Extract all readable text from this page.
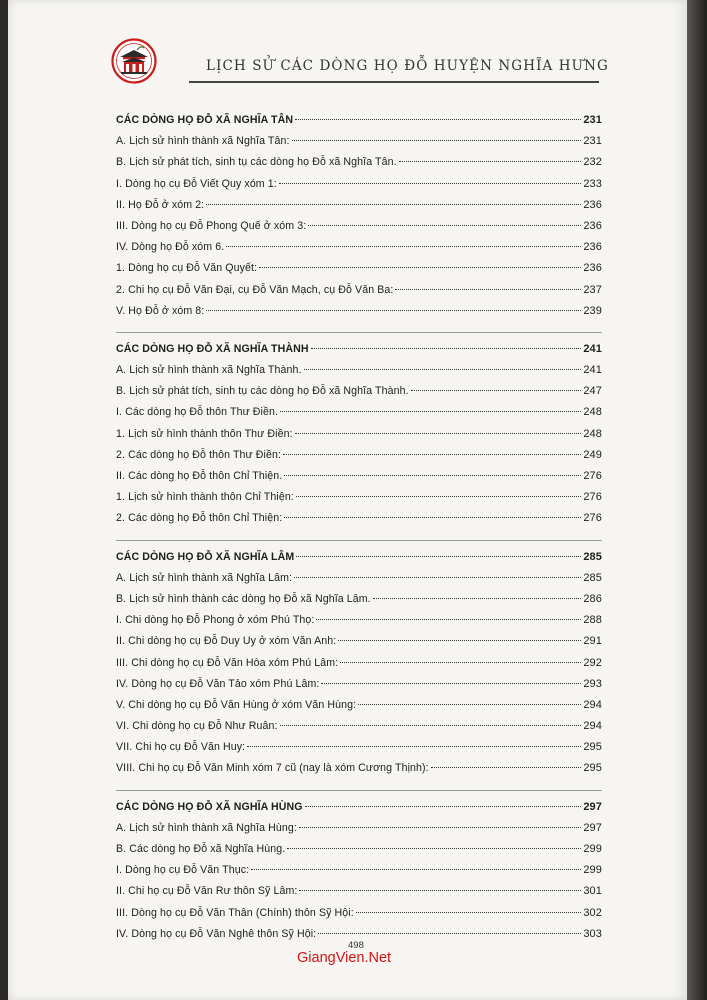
LỊCH SỬ CÁC DÒNG HỌ ĐỖ HUYỆN NGHĨA HƯNG
CÁC DÒNG HỌ ĐỖ XÃ NGHĨA TÂN	231
A. Lịch sử hình thành xã Nghĩa Tân:	231
B. Lịch sử phát tích, sinh tụ các dòng họ Đỗ xã Nghĩa Tân.	232
I. Dòng họ cụ Đỗ Viết Quy xóm 1:	233
II. Họ Đỗ ở xóm 2:	236
III. Dòng họ cụ Đỗ Phong Quế ở xóm 3:	236
IV. Dòng họ Đỗ xóm 6.	236
1. Dòng họ cụ Đỗ Văn Quyết:	236
2. Chi họ cụ Đỗ Văn Đại, cụ Đỗ Văn Mạch, cụ Đỗ Văn Ba:	237
V. Họ Đỗ ở xóm 8:	239
CÁC DÒNG HỌ ĐỖ XÃ NGHĨA THÀNH	241
A. Lịch sử hình thành xã Nghĩa Thành.	241
B. Lịch sử phát tích, sinh tụ các dòng họ Đỗ xã Nghĩa Thành.	247
I. Các dòng họ Đỗ thôn Thư Điền.	248
1. Lịch sử hình thành thôn Thư Điền:	248
2. Các dòng họ Đỗ thôn Thư Điền:	249
II. Các dòng họ Đỗ thôn Chỉ Thiện.	276
1. Lịch sử hình thành thôn Chỉ Thiện:	276
2. Các dòng họ Đỗ thôn Chỉ Thiện:	276
CÁC DÒNG HỌ ĐỖ XÃ NGHĨA LÂM	285
A. Lịch sử hình thành xã Nghĩa Lâm:	285
B. Lịch sử hình thành các dòng họ Đỗ xã Nghĩa Lâm.	286
I. Chi dòng họ Đỗ Phong ở xóm Phú Thọ:	288
II. Chi dòng họ cụ Đỗ Duy Uy ở xóm Văn Anh:	291
III. Chi dòng họ cụ Đỗ Văn Hòa xóm Phú Lâm:	292
IV. Dòng họ cụ Đỗ Văn Tảo xóm Phú Lâm:	293
V. Chi dòng họ cụ Đỗ Văn Hùng ở xóm Văn Hùng:	294
VI. Chi dòng họ cụ Đỗ Như Ruân:	294
VII. Chi họ cụ Đỗ Văn Huy:	295
VIII. Chi họ cụ Đỗ Văn Minh xóm 7 cũ (nay là xóm Cương Thịnh):	295
CÁC DÒNG HỌ ĐỖ XÃ NGHĨA HÙNG	297
A. Lịch sử hình thành xã Nghĩa Hùng:	297
B. Các dòng họ Đỗ xã Nghĩa Hùng.	299
I. Dòng họ cụ Đỗ Văn Thục:	299
II. Chi họ cụ Đỗ Văn Rư thôn Sỹ Lâm:	301
III. Dòng họ cụ Đỗ Văn Thân (Chính) thôn Sỹ Hội:	302
IV. Dòng họ cụ Đỗ Văn Nghê thôn Sỹ Hội:	303
498
GiangVien.Net
